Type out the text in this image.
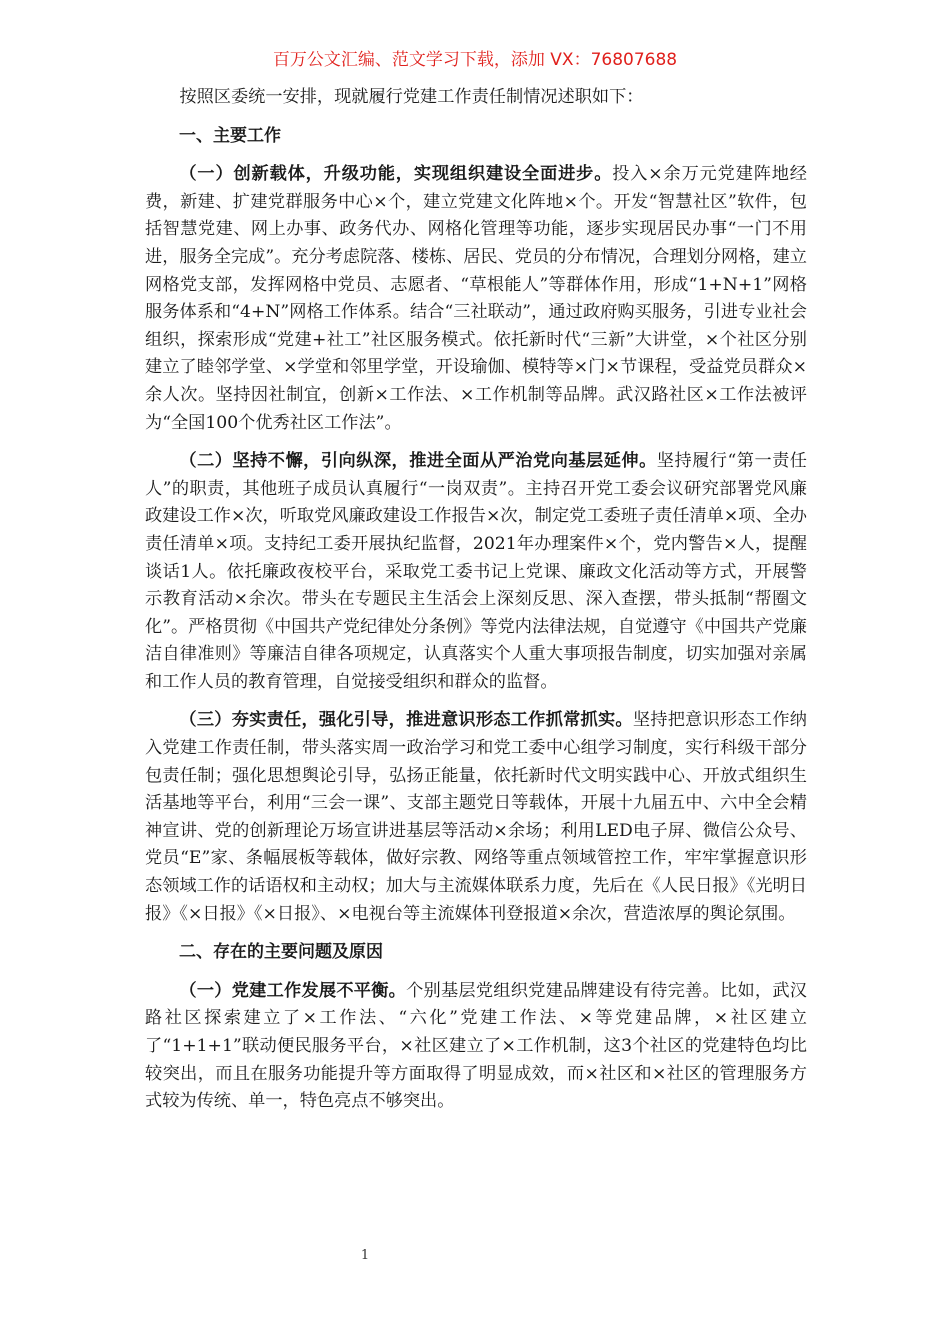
百万公文汇编、范文学习下载，添加 VX：76807688

按照区委统一安排，现就履行党建工作责任制情况述职如下：

一、主要工作

（一）创新载体，升级功能，实现组织建设全面进步。投入×余万元党建阵地经费，新建、扩建党群服务中心×个，建立党建文化阵地×个。开发“智慧社区”软件，包括智慧党建、网上办事、政务代办、网格化管理等功能，逐步实现居民办事“一门不用进，服务全完成”。充分考虑院落、楼栋、居民、党员的分布情况，合理划分网格，建立网格党支部，发挥网格中党员、志愿者、“草根能人”等群体作用，形成“1+N+1”网格服务体系和“4+N”网格工作体系。结合“三社联动”，通过政府购买服务，引进专业社会组织，探索形成“党建+社工”社区服务模式。依托新时代“三新”大讲堂，×个社区分别建立了睦邻学堂、×学堂和邻里学堂，开设瑜伽、模特等×门×节课程，受益党员群众×余人次。坚持因社制宜，创新×工作法、×工作机制等品牌。武汉路社区×工作法被评为“全国100个优秀社区工作法”。

（二）坚持不懈，引向纵深，推进全面从严治党向基层延伸。坚持履行“第一责任人”的职责，其他班子成员认真履行“一岗双责”。主持召开党工委会议研究部署党风廉政建设工作×次，听取党风廉政建设工作报告×次，制定党工委班子责任清单×项、全办责任清单×项。支持纪工委开展执纪监督，2021年办理案件×个，党内警告×人，提醒谈话1人。依托廉政夜校平台，采取党工委书记上党课、廉政文化活动等方式，开展警示教育活动×余次。带头在专题民主生活会上深刻反思、深入查摆，带头抵制“帮圈文化”。严格贯彻《中国共产党纪律处分条例》等党内法律法规，自觉遵守《中国共产党廉洁自律准则》等廉洁自律各项规定，认真落实个人重大事项报告制度，切实加强对亲属和工作人员的教育管理，自觉接受组织和群众的监督。

（三）夯实责任，强化引导，推进意识形态工作抓常抓实。坚持把意识形态工作纳入党建工作责任制，带头落实周一政治学习和党工委中心组学习制度，实行科级干部分包责任制；强化思想舆论引导，弘扬正能量，依托新时代文明实践中心、开放式组织生活基地等平台，利用“三会一课”、支部主题党日等载体，开展十九届五中、六中全会精神宣讲、党的创新理论万场宣讲进基层等活动×余场；利用LED电子屏、微信公众号、党员“E”家、条幅展板等载体，做好宗教、网络等重点领域管控工作，牢牢掌握意识形态领域工作的话语权和主动权；加大与主流媒体联系力度，先后在《人民日报》《光明日报》《×日报》《×日报》、×电视台等主流媒体刊登报道×余次，营造浓厚的舆论氛围。

二、存在的主要问题及原因

（一）党建工作发展不平衡。个别基层党组织党建品牌建设有待完善。比如，武汉路社区探索建立了×工作法、“六化”党建工作法、×等党建品牌，×社区建立了“1+1+1”联动便民服务平台，×社区建立了×工作机制，这3个社区的党建特色均比较突出，而且在服务功能提升等方面取得了明显成效，而×社区和×社区的管理服务方式较为传统、单一，特色亮点不够突出。

1
